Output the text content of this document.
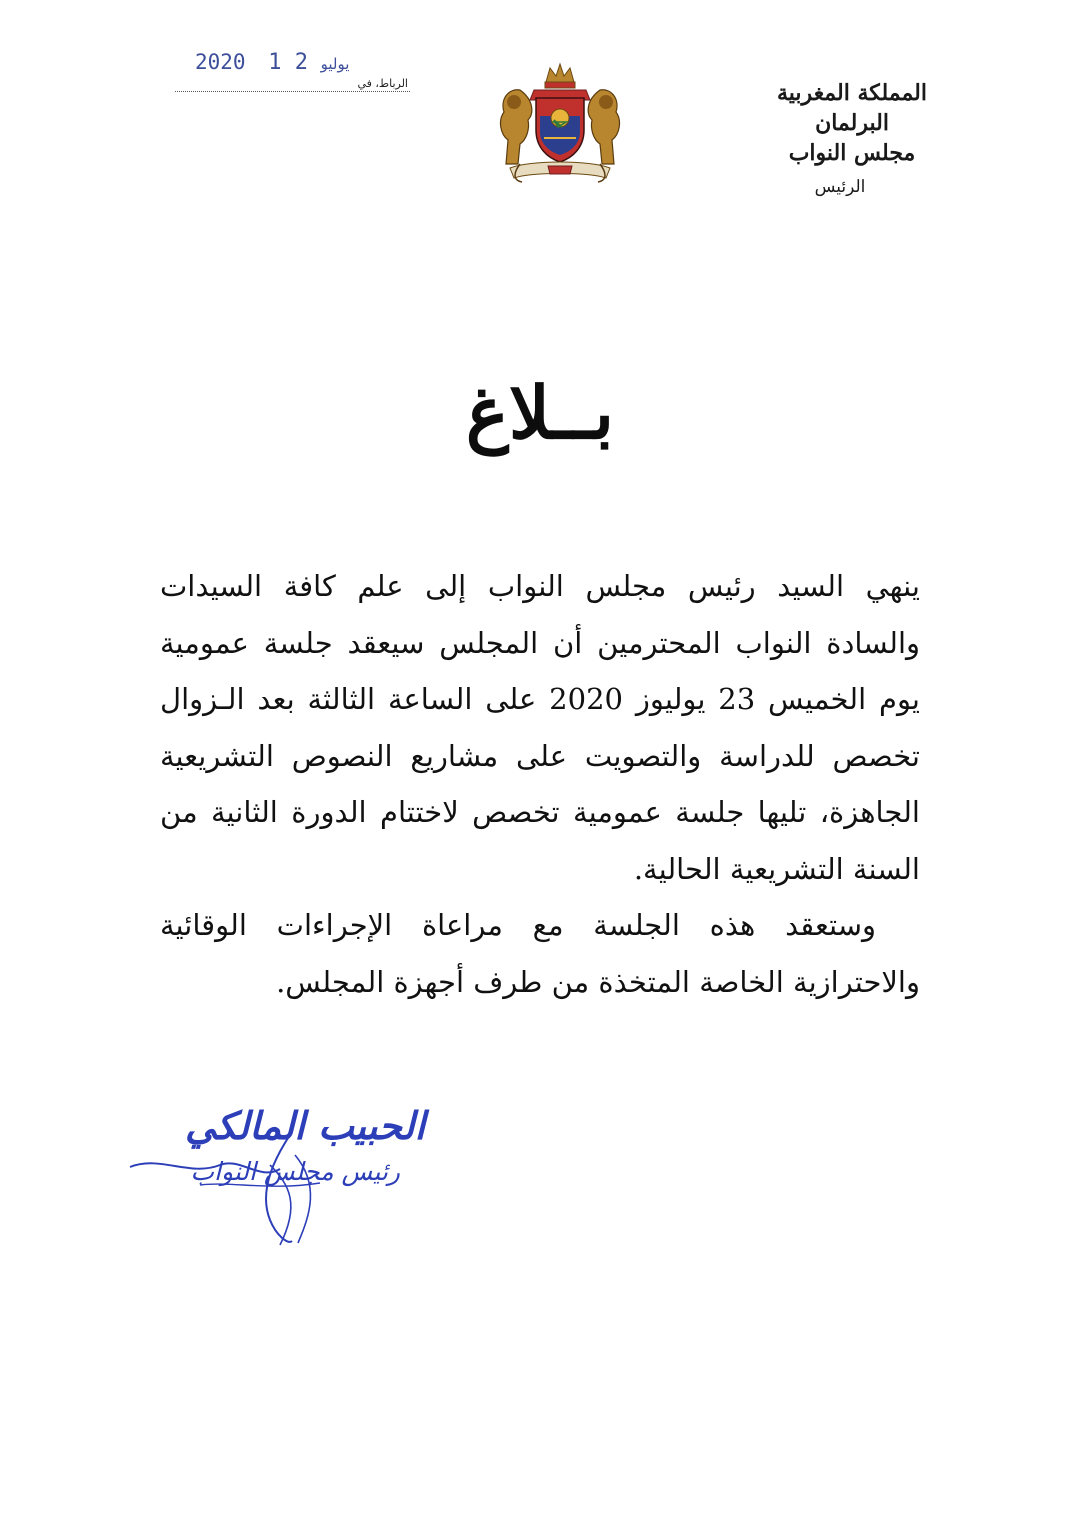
2020	يوليو 2 1
الرباط، في	المملكة المغربية
البرلمان
مجلس النواب
الرئيس
بــلاغ

ينهي السيد رئيس مجلس النواب إلى علم كافة السيدات والسادة النواب المحترمين أن المجلس سيعقد جلسة عمومية يوم الخميس 23 يوليوز 2020 على الساعة الثالثة بعد الـزوال تخصص للدراسة والتصويت على مشاريع النصوص التشريعية الجاهزة، تليها جلسة عمومية تخصص لاختتام الدورة الثانية من السنة التشريعية الحالية.

وستعقد هذه الجلسة مع مراعاة الإجراءات الوقائية والاحترازية الخاصة المتخذة من طرف أجهزة المجلس.

الحبيب المالكي
رئيس مجلس النواب
